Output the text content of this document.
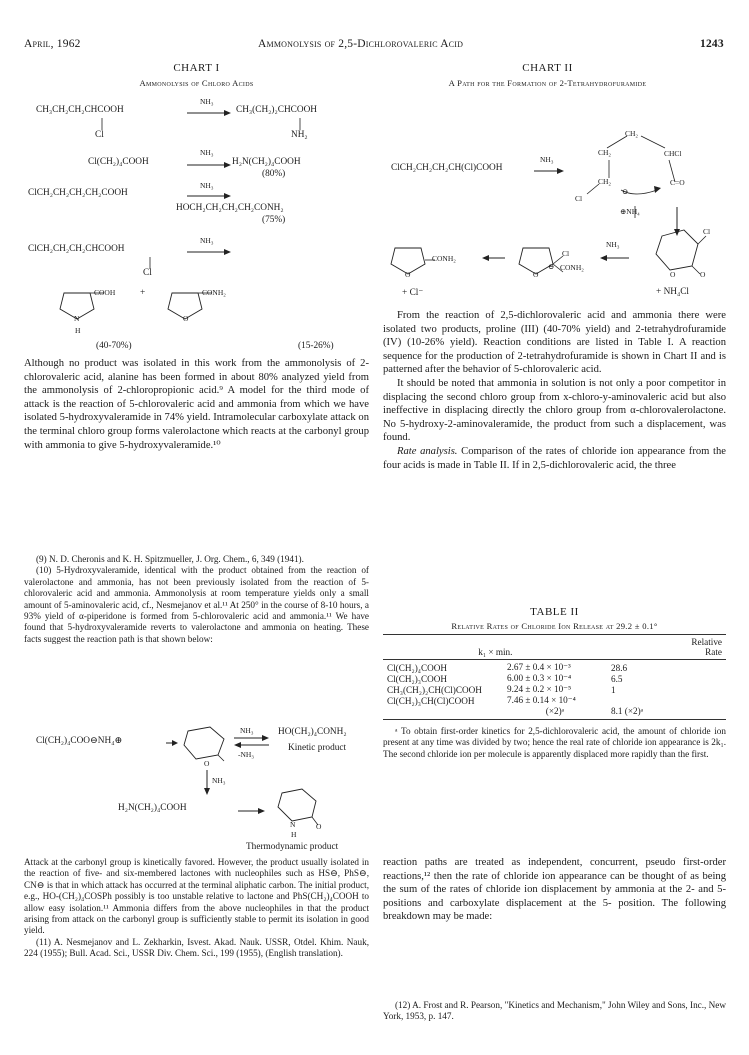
April, 1962	Ammonolysis of 2,5-Dichlorovaleric Acid	1243
CHART I
Ammonolysis of Chloro Acids
CH₃CH₂CH₂CHCOOH
NH₃
CH₃(CH₂)₂CHCOOH
Cl	NH₂
NH₃
Cl(CH₂)₄COOH	H₂N(CH₂)₄COOH
(80%)
NH₃
ClCH₂CH₂CH₂CH₂COOH
HOCH₂CH₂CH₂CH₂CONH₂
(75%)
NH₃
ClCH₂CH₂CH₂CHCOOH
Cl
COOH
N
H
+	CONH₂
O
(40-70%)	(15-26%)
CHART II
A Path for the Formation of 2-Tetrahydrofuramide
ClCH₂CH₂CH₂CH(Cl)COOH
NH₃
CH₂
CH₂	CHCl
CH₂
Cl
⊖
C=O
⊕NH₄
CONH₂
O
+ Cl⁻
Cl
CONH₂
O
⊖
NH₃
Cl
O	O
+ NH₄Cl

Although no product was isolated in this work from the ammonolysis of 2-chlorovaleric acid, alanine has been formed in about 80% analyzed yield from the ammonolysis of 2-chloropropionic acid.⁹ A model for the third mode of attack is the reaction of 5-chlorovaleric acid and ammonia from which we have isolated 5-hydroxyvaleramide in 74% yield. Intramolecular carboxylate attack on the terminal chloro group forms valerolactone which reacts at the carbonyl group with ammonia to give 5-hydroxyvaleramide.¹⁰

(9) N. D. Cheronis and K. H. Spitzmueller, J. Org. Chem., 6, 349 (1941).

(10) 5-Hydroxyvaleramide, identical with the product obtained from the reaction of valerolactone and ammonia, has not been previously isolated from the reaction of 5-chlorovaleric acid and ammonia. Ammonolysis at room temperature yields only a small amount of 5-aminovaleric acid, cf., Nesmejanov et al.¹¹ At 250° in the course of 8-10 hours, a 93% yield of α-piperidone is formed from 5-chlorovaleric acid and ammonia.¹¹ We have found that 5-hydroxyvaleramide reverts to valerolactone and ammonia on heating. These facts suggest the reaction path is that shown below:

Cl(CH₂)₄COO⊖NH₄⊕
O
NH₃
-NH₃
HO(CH₂)₄CONH₂
Kinetic product
NH₃
H₂N(CH₂)₄COOH
N
H
O
Thermodynamic product

Attack at the carbonyl group is kinetically favored. However, the product usually isolated in the reaction of five- and six-membered lactones with nucleophiles such as HS⊖, PhS⊖, CN⊖ is that in which attack has occurred at the terminal aliphatic carbon. The initial product, e.g., HO-(CH₂)₄COSPh possibly is too unstable relative to lactone and PhS(CH₂)₄COOH to allow easy isolation.¹¹ Ammonia differs from the above nucleophiles in that the product arising from attack on the carbonyl group is sufficiently stable to permit its isolation in good yield.

(11) A. Nesmejanov and L. Zekharkin, Isvest. Akad. Nauk. USSR, Otdel. Khim. Nauk, 224 (1955); Bull. Acad. Sci., USSR Div. Chem. Sci., 199 (1955), (English translation).

From the reaction of 2,5-dichlorovaleric acid and ammonia there were isolated two products, proline (III) (40-70% yield) and 2-tetrahydrofuramide (IV) (10-26% yield). Reaction conditions are listed in Table I. A reaction sequence for the production of 2-tetrahydrofuramide is shown in Chart II and is patterned after the behavior of 5-chlorovaleric acid.

It should be noted that ammonia in solution is not only a poor competitor in displacing the second chloro group from x-chloro-y-aminovaleric acid but also ineffective in displacing directly the chloro group from α-chlorovalerolactone. No 5-hydroxy-2-aminovaleramide, the product from such a displacement, was found.

Rate analysis. Comparison of the rates of chloride ion appearance from the four acids is made in Table II. If in 2,5-dichlorovaleric acid, the three

TABLE II
Relative Rates of Chloride Ion Release at 29.2 ± 0.1°
		Relative
	k₁ × min.	Rate
Cl(CH₂)₄COOH	2.67 ± 0.4 × 10⁻³	28.6
Cl(CH₂)₃COOH	6.00 ± 0.3 × 10⁻⁴	6.5
CH₃(CH₂)₂CH(Cl)COOH	9.24 ± 0.2 × 10⁻⁵	1
Cl(CH₂)₃CH(Cl)COOH	7.46 ± 0.14 × 10⁻⁴	
	(×2)ᵃ	8.1 (×2)ᵃ
ᵃ To obtain first-order kinetics for 2,5-dichlorovaleric acid, the amount of chloride ion present at any time was divided by two; hence the real rate of chloride ion appearance is 2k₁. The second chloride ion per molecule is apparently displaced more rapidly than the first.

reaction paths are treated as independent, concurrent, pseudo first-order reactions,¹² then the rate of chloride ion appearance can be thought of as being the sum of the rates of chloride ion displacement by ammonia at the 2- and 5-positions and carboxylate displacement at the 5- position. The following breakdown may be made:

(12) A. Frost and R. Pearson, "Kinetics and Mechanism," John Wiley and Sons, Inc., New York, 1953, p. 147.
